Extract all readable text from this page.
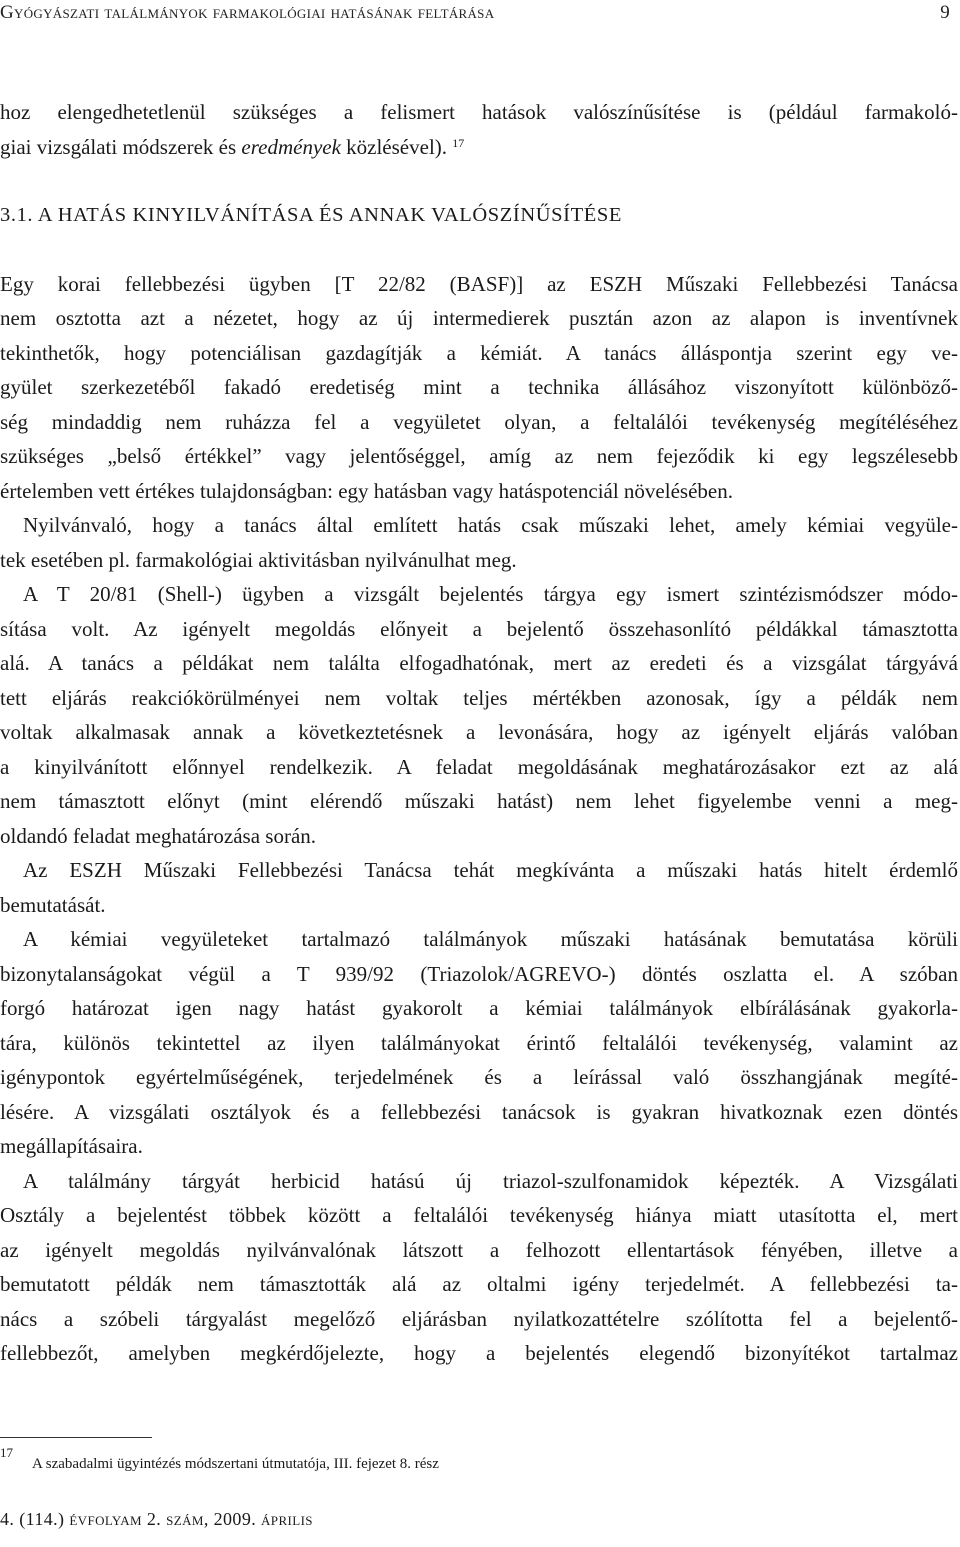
Gyógyászati találmányok farmakológiai hatásának feltárása	9
hoz elengedhetetlenül szükséges a felismert hatások valószínűsítése is (például farmakoló-
giai vizsgálati módszerek és eredmények közlésével). $^{17}$
3.1. A HATÁS KINYILVÁNÍTÁSA ÉS ANNAK VALÓSZÍNŰSÍTÉSE
Egy korai fellebbezési ügyben [T 22/82 (BASF)] az ESZH Műszaki Fellebbezési Tanácsa
nem osztotta azt a nézetet, hogy az új intermedierek pusztán azon az alapon is inventívnek
tekinthetők, hogy potenciálisan gazdagítják a kémiát. A tanács álláspontja szerint egy ve-
gyület szerkezetéből fakadó eredetiség mint a technika állásához viszonyított különböző-
ség mindaddig nem ruházza fel a vegyületet olyan, a feltalálói tevékenység megítéléséhez
szükséges „belső értékkel” vagy jelentőséggel, amíg az nem fejeződik ki egy legszélesebb
értelemben vett értékes tulajdonságban: egy hatásban vagy hatáspotenciál növelésében.
Nyilvánvaló, hogy a tanács által említett hatás csak műszaki lehet, amely kémiai vegyüle-
tek esetében pl. farmakológiai aktivitásban nyilvánulhat meg.
A T 20/81 (Shell-) ügyben a vizsgált bejelentés tárgya egy ismert szintézismódszer módo-
sítása volt. Az igényelt megoldás előnyeit a bejelentő összehasonlító példákkal támasztotta
alá. A tanács a példákat nem találta elfogadhatónak, mert az eredeti és a vizsgálat tárgyává
tett eljárás reakciókörülményei nem voltak teljes mértékben azonosak, így a példák nem
voltak alkalmasak annak a következtetésnek a levonására, hogy az igényelt eljárás valóban
a kinyilvánított előnnyel rendelkezik. A feladat megoldásának meghatározásakor ezt az alá
nem támasztott előnyt (mint elérendő műszaki hatást) nem lehet figyelembe venni a meg-
oldandó feladat meghatározása során.
Az ESZH Műszaki Fellebbezési Tanácsa tehát megkívánta a műszaki hatás hitelt érdemlő
bemutatását.
A kémiai vegyületeket tartalmazó találmányok műszaki hatásának bemutatása körüli
bizonytalanságokat végül a T 939/92 (Triazolok/AGREVO-) döntés oszlatta el. A szóban
forgó határozat igen nagy hatást gyakorolt a kémiai találmányok elbírálásának gyakorla-
tára, különös tekintettel az ilyen találmányokat érintő feltalálói tevékenység, valamint az
igénypontok egyértelműségének, terjedelmének és a leírással való összhangjának megíté-
lésére. A vizsgálati osztályok és a fellebbezési tanácsok is gyakran hivatkoznak ezen döntés
megállapításaira.
A találmány tárgyát herbicid hatású új triazol-szulfonamidok képezték. A Vizsgálati
Osztály a bejelentést többek között a feltalálói tevékenység hiánya miatt utasította el, mert
az igényelt megoldás nyilvánvalónak látszott a felhozott ellentartások fényében, illetve a
bemutatott példák nem támasztották alá az oltalmi igény terjedelmét. A fellebbezési ta-
nács a szóbeli tárgyalást megelőző eljárásban nyilatkozattételre szólította fel a bejelentő-
fellebbezőt, amelyben megkérdőjelezte, hogy a bejelentés elegendő bizonyítékot tartalmaz
17
A szabadalmi ügyintézés módszertani útmutatója, III. fejezet 8. rész
4. (114.) évfolyam 2. szám, 2009. április
